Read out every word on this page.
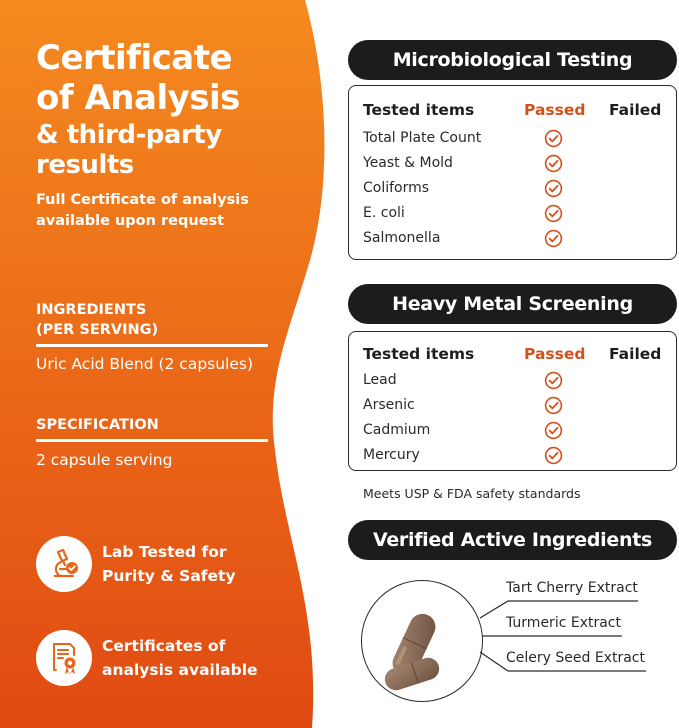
Certificate
of Analysis
& third-party
results
Full Certificate of analysis
available upon request
INGREDIENTS
(PER SERVING)
Uric Acid Blend (2 capsules)
SPECIFICATION
2 capsule serving
Lab Tested for
Purity & Safety
Certificates of
analysis available
Microbiological Testing
Tested items	Passed Failed
Total Plate Count
Yeast & Mold
Coliforms
E. coli
Salmonella
Heavy Metal Screening
Tested items	Passed Failed
Lead
Arsenic
Cadmium
Mercury
Meets USP & FDA safety standards
Verified Active Ingredients
Tart Cherry Extract
Turmeric Extract
Celery Seed Extract
